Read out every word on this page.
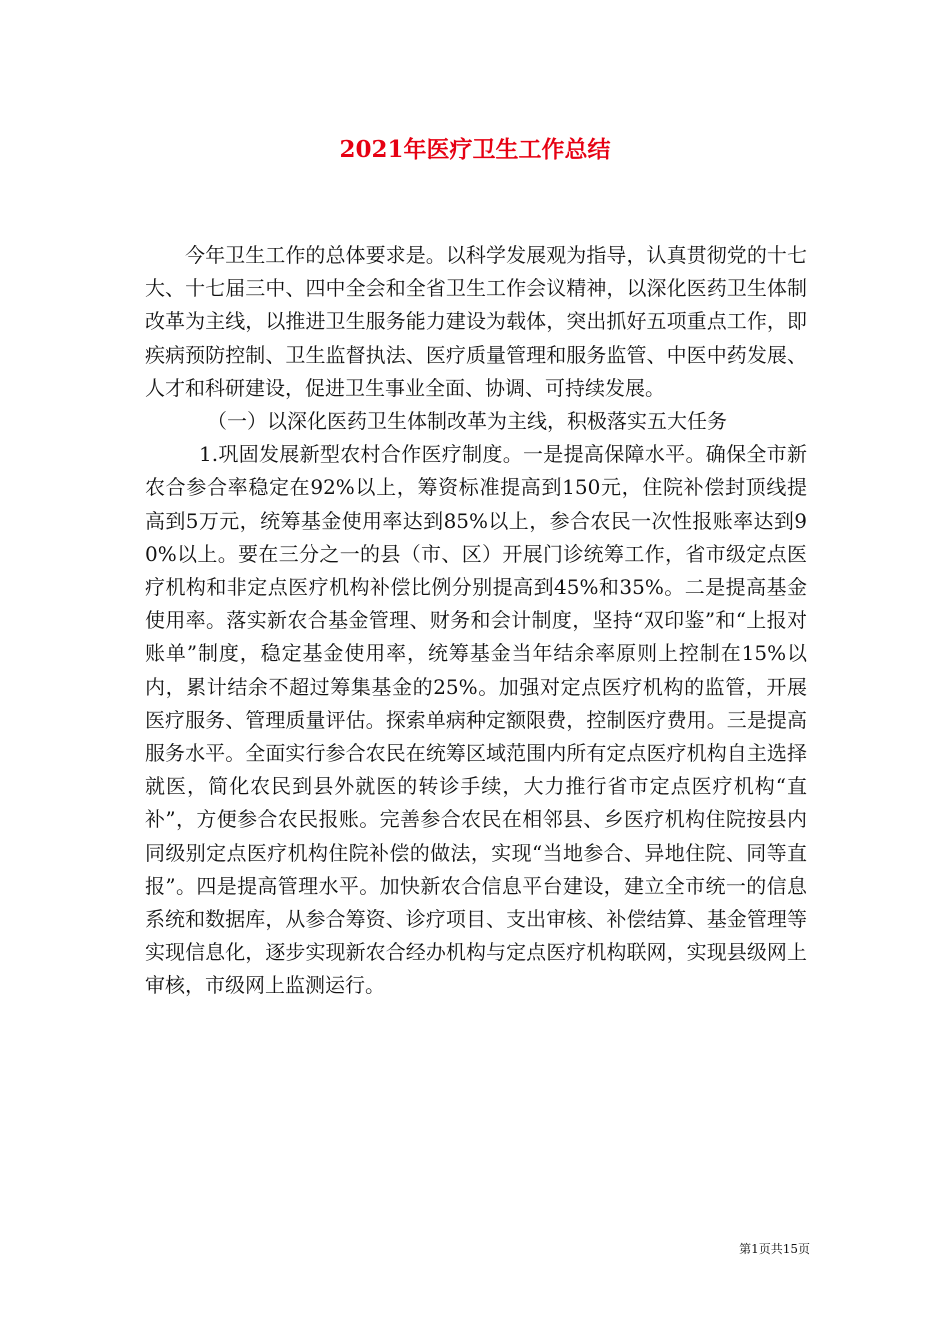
2021年医疗卫生工作总结

今年卫生工作的总体要求是。以科学发展观为指导，认真贯彻党的十七大、十七届三中、四中全会和全省卫生工作会议精神，以深化医药卫生体制改革为主线，以推进卫生服务能力建设为载体，突出抓好五项重点工作，即疾病预防控制、卫生监督执法、医疗质量管理和服务监管、中医中药发展、人才和科研建设，促进卫生事业全面、协调、可持续发展。

（一）以深化医药卫生体制改革为主线，积极落实五大任务

1.巩固发展新型农村合作医疗制度。一是提高保障水平。确保全市新农合参合率稳定在92%以上，筹资标准提高到150元，住院补偿封顶线提高到5万元，统筹基金使用率达到85%以上，参合农民一次性报账率达到90%以上。要在三分之一的县（市、区）开展门诊统筹工作，省市级定点医疗机构和非定点医疗机构补偿比例分别提高到45%和35%。二是提高基金使用率。落实新农合基金管理、财务和会计制度，坚持“双印鉴”和“上报对账单”制度，稳定基金使用率，统筹基金当年结余率原则上控制在15%以内，累计结余不超过筹集基金的25%。加强对定点医疗机构的监管，开展医疗服务、管理质量评估。探索单病种定额限费，控制医疗费用。三是提高服务水平。全面实行参合农民在统筹区域范围内所有定点医疗机构自主选择就医，简化农民到县外就医的转诊手续，大力推行省市定点医疗机构“直补”，方便参合农民报账。完善参合农民在相邻县、乡医疗机构住院按县内同级别定点医疗机构住院补偿的做法，实现“当地参合、异地住院、同等直报”。四是提高管理水平。加快新农合信息平台建设，建立全市统一的信息系统和数据库，从参合筹资、诊疗项目、支出审核、补偿结算、基金管理等实现信息化，逐步实现新农合经办机构与定点医疗机构联网，实现县级网上审核，市级网上监测运行。

第1页共15页
